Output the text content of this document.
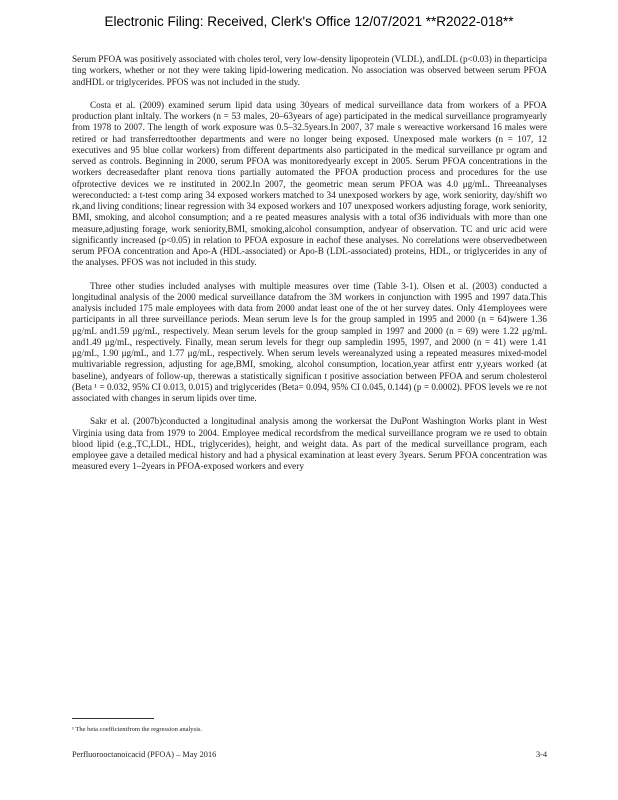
Electronic Filing: Received, Clerk's Office 12/07/2021 **R2022-018**

Serum PFOA was positively associated with choles terol, very low-density lipoprotein (VLDL), andLDL (p<0.03) in theparticipa ting workers, whether or not they were taking lipid-lowering medication. No association was observed between serum PFOA andHDL or triglycerides. PFOS was not included in the study.

Costa et al. (2009) examined serum lipid data using 30years of medical surveillance data from workers of a PFOA production plant inItaly. The workers (n = 53 males, 20–63years of age) participated in the medical surveillance programyearly from 1978 to 2007. The length of work exposure was 0.5–32.5years.In 2007, 37 male s wereactive workersand 16 males were retired or had transferredtoother departments and were no longer being exposed. Unexposed male workers (n = 107, 12 executives and 95 blue collar workers) from different departments also participated in the medical surveillance pr ogram and served as controls. Beginning in 2000, serum PFOA was monitoredyearly except in 2005. Serum PFOA concentrations in the workers decreasedafter plant renova tions partially automated the PFOA production process and procedures for the use ofprotective devices we re instituted in 2002.In 2007, the geometric mean serum PFOA was 4.0 μg/mL. Threeanalyses wereconducted: a t-test comp aring 34 exposed workers matched to 34 unexposed workers by age, work seniority, day/shift wo rk,and living conditions; linear regression with 34 exposed workers and 107 unexposed workers adjusting forage, work seniority, BMI, smoking, and alcohol consumption; and a re peated measures analysis with a total of36 individuals with more than one measure,adjusting forage, work seniority,BMI, smoking,alcohol consumption, andyear of observation. TC and uric acid were significantly increased (p<0.05) in relation to PFOA exposure in eachof these analyses. No correlations were observedbetween serum PFOA concentration and Apo-A (HDL-associated) or Apo-B (LDL-associated) proteins, HDL, or triglycerides in any of the analyses. PFOS was not included in this study.

Three other studies included analyses with multiple measures over time (Table 3-1). Olsen et al. (2003) conducted a longitudinal analysis of the 2000 medical surveillance datafrom the 3M workers in conjunction with 1995 and 1997 data.This analysis included 175 male employees with data from 2000 andat least one of the ot her survey dates. Only 41employees were participants in all three surveillance periods. Mean serum leve ls for the group sampled in 1995 and 2000 (n = 64)were 1.36 μg/mL and1.59 μg/mL, respectively. Mean serum levels for the group sampled in 1997 and 2000 (n = 69) were 1.22 μg/mL and1.49 μg/mL, respectively. Finally, mean serum levels for thegr oup sampledin 1995, 1997, and 2000 (n = 41) were 1.41 μg/mL, 1.90 μg/mL, and 1.77 μg/mL, respectively. When serum levels wereanalyzed using a repeated measures mixed-model multivariable regression, adjusting for age,BMI, smoking, alcohol consumption, location,year atfirst entr y,years worked (at baseline), andyears of follow-up, therewas a statistically significan t positive association between PFOA and serum cholesterol (Beta ¹ = 0.032, 95% CI 0.013, 0.015) and triglycerides (Beta= 0.094, 95% CI 0.045, 0.144) (p = 0.0002). PFOS levels we re not associated with changes in serum lipids over time.

Sakr et al. (2007b)conducted a longitudinal analysis among the workersat the DuPont Washington Works plant in West Virginia using data from 1979 to 2004. Employee medical recordsfrom the medical surveillance program we re used to obtain blood lipid (e.g.,TC,LDL, HDL, triglycerides), height, and weight data. As part of the medical surveillance program, each employee gave a detailed medical history and had a physical examination at least every 3years. Serum PFOA concentration was measured every 1–2years in PFOA-exposed workers and every

¹ The beta coefficientfrom the regression analysis.
Perfluorooctanoicacid (PFOA) – May 2016	3-4
